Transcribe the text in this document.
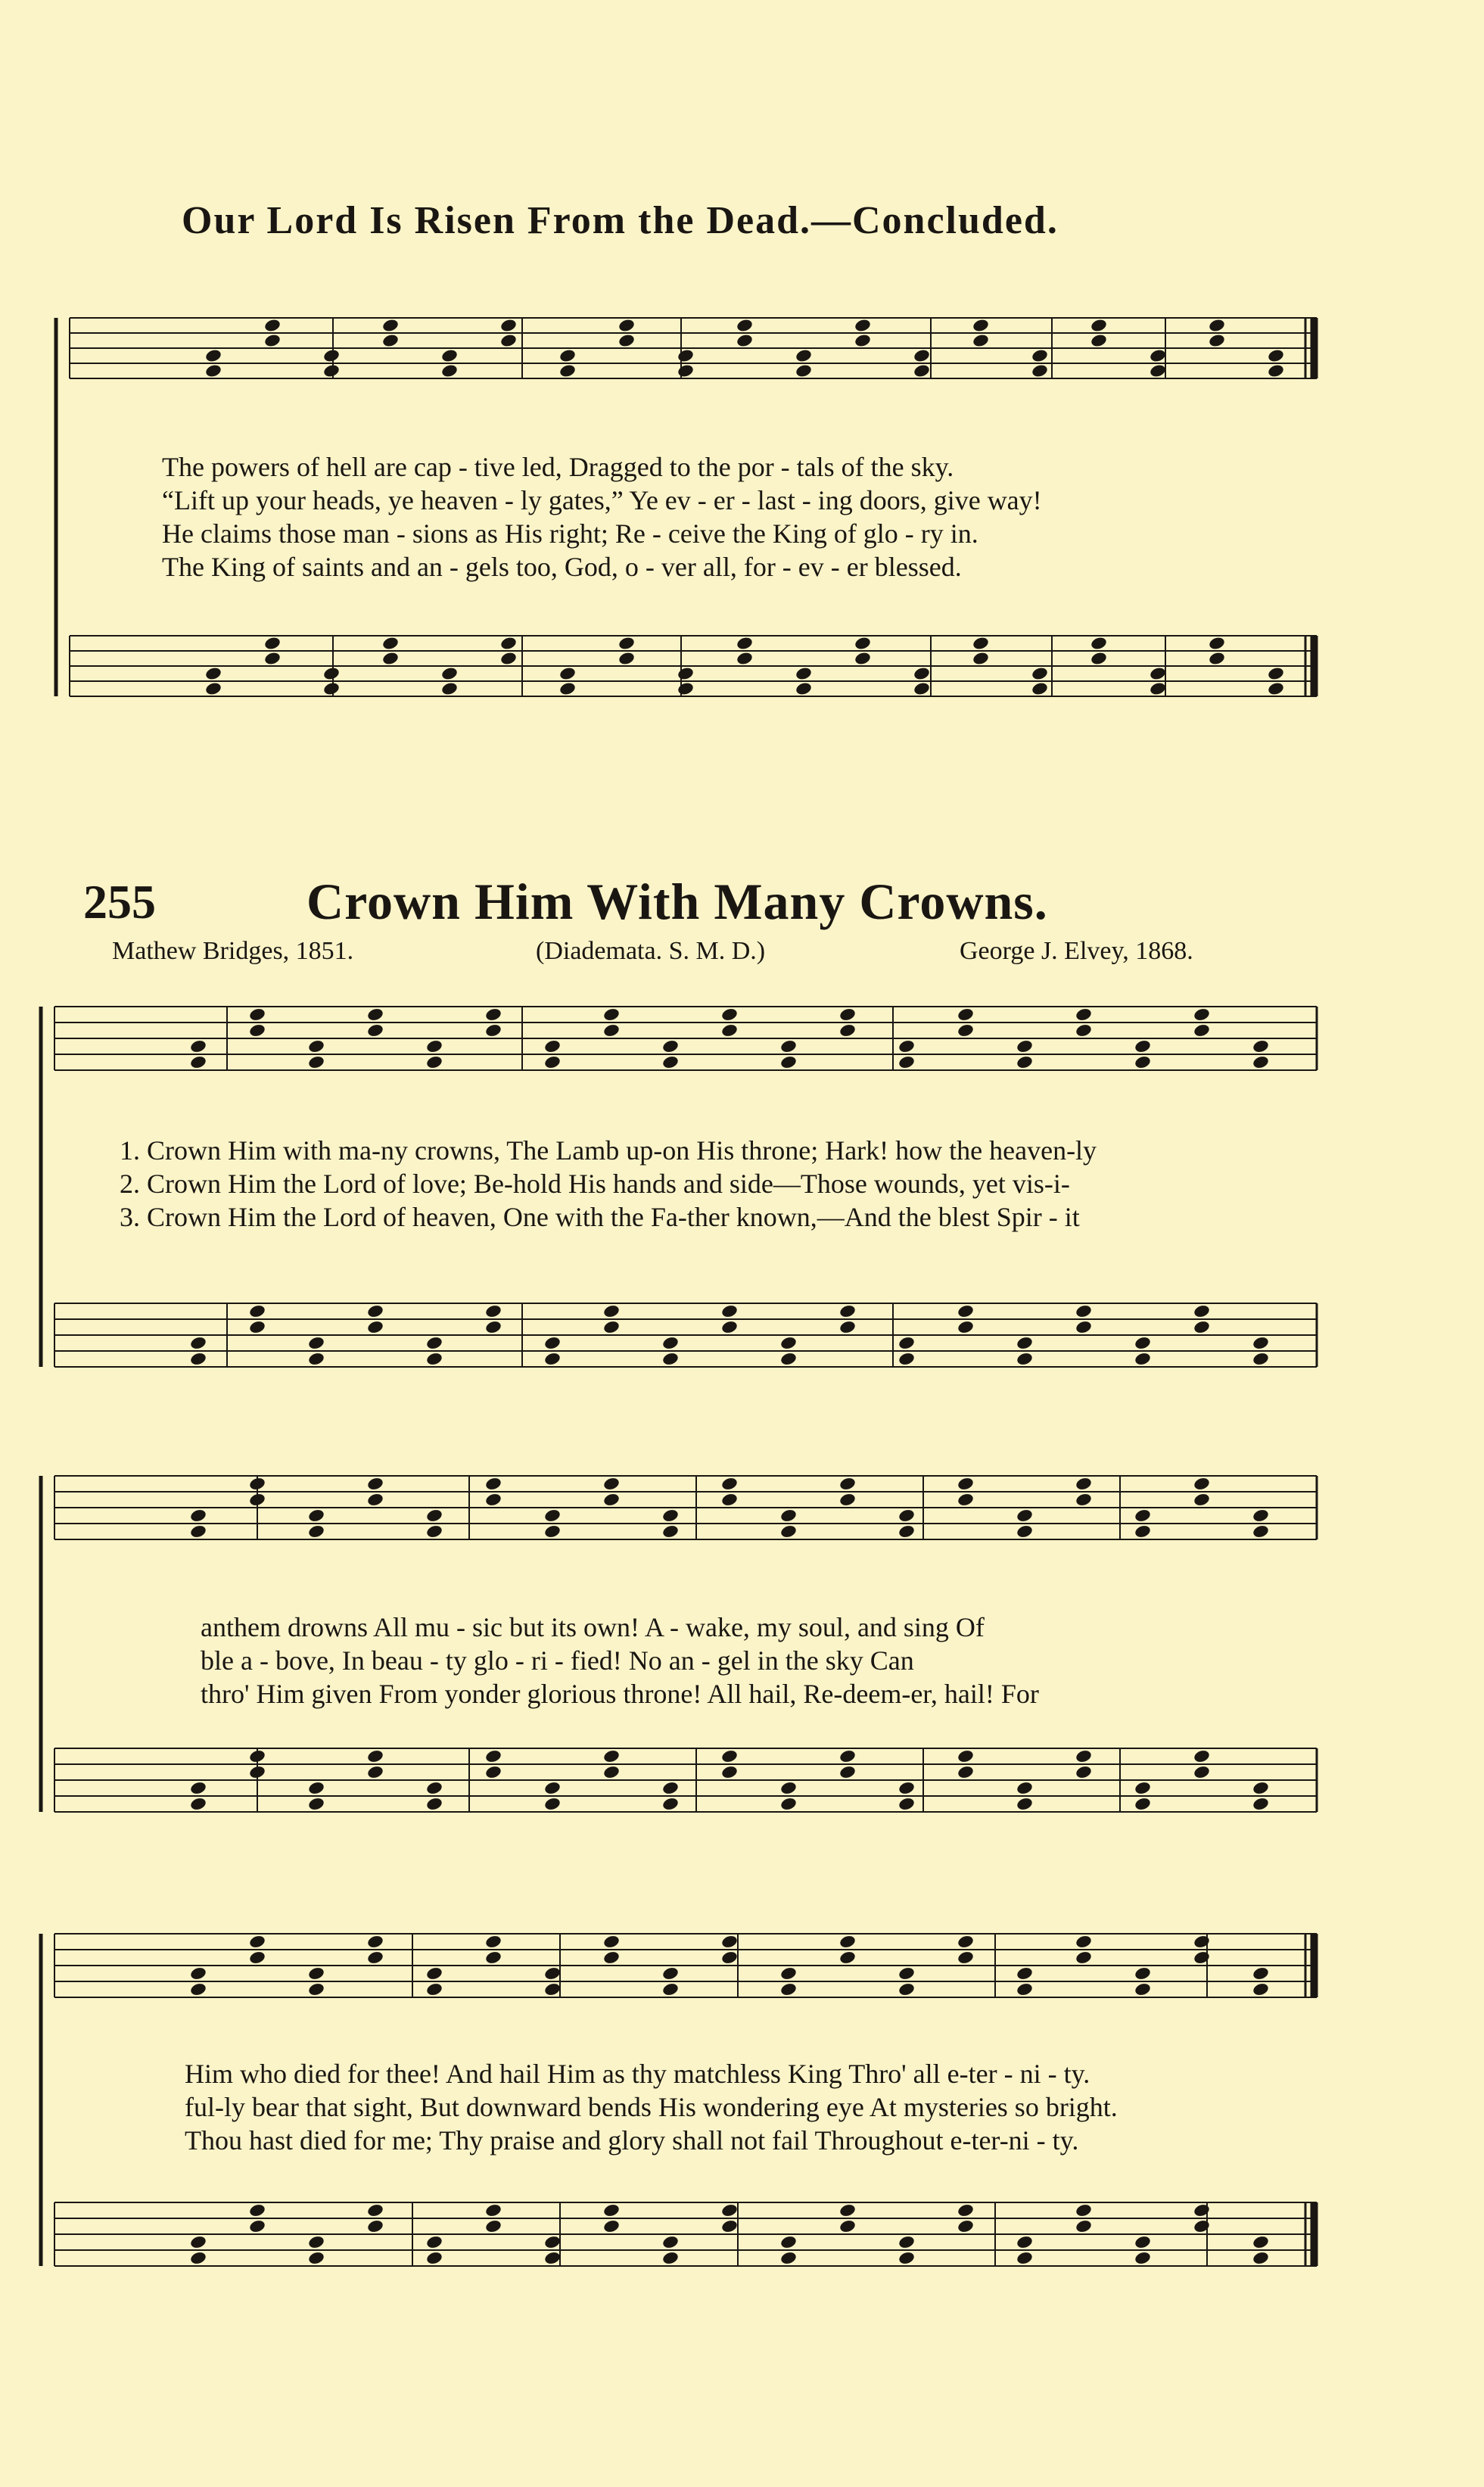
Our Lord Is Risen From the Dead.—Concluded.
The powers of hell are cap - tive led, Dragged to the por - tals of the sky.
“Lift up your heads, ye heaven - ly gates,” Ye ev - er - last - ing doors, give way!
He claims those man - sions as His right; Re - ceive the King of glo - ry in.
The King of saints and an - gels too, God, o - ver all, for - ev - er blessed.
255	Crown Him With Many Crowns.
Mathew Bridges, 1851.	(Diademata. S. M. D.)	George J. Elvey, 1868.
1. Crown Him with ma-ny crowns, The Lamb up-on His throne; Hark! how the heaven-ly
2. Crown Him the Lord of love; Be-hold His hands and side—Those wounds, yet vis-i-
3. Crown Him the Lord of heaven, One with the Fa-ther known,—And the blest Spir - it
anthem drowns All mu - sic but its own! A - wake, my soul, and sing Of
ble a - bove, In beau - ty glo - ri - fied! No an - gel in the sky Can
thro' Him given From yonder glorious throne! All hail, Re-deem-er, hail! For
Him who died for thee! And hail Him as thy matchless King Thro' all e-ter - ni - ty.
ful-ly bear that sight, But downward bends His wondering eye At mysteries so bright.
Thou hast died for me; Thy praise and glory shall not fail Throughout e-ter-ni - ty.
